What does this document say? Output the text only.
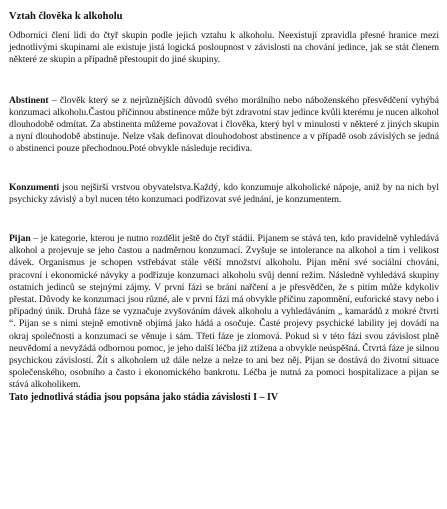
Vztah člověka k alkoholu

Odborníci člení lidi do čtyř skupin podle jejich vztahu k alkoholu. Neexistují zpravidla přesné hranice mezi jednotlivými skupinami ale existuje jistá logická posloupnost v závislosti na chování jedince, jak se stát členem některé ze skupin a případně přestoupit do jiné skupiny.

Abstinent – člověk který se z nejrůznějších důvodů svého morálního nebo náboženského přesvědčení vyhýbá konzumaci alkoholu.Častou příčinnou abstinence může být zdravotní stav jedince kvůli kterému je nucen alkohol dlouhodobě odmítat. Za abstinenta můžeme považovat i člověka, který byl v minulosti v některé z jiných skupin a nyní dlouhodobě abstinuje. Nelze však definovat dlouhodobost abstinence a v případě osob závislých se jedná o abstinenci pouze přechodnou.Poté obvykle následuje recidiva.

Konzumenti jsou nejširší vrstvou obyvatelstva.Každý, kdo konzumuje alkoholické nápoje, aniž by na nich byl psychicky závislý a byl nucen této konzumaci podřizovat své jednání, je konzumentem.

Pijan – je kategorie, kterou je nutno rozdělit ještě do čtyř stádií. Pijanem se stává ten, kdo pravidelně vyhledává alkohol a projevuje se jeho častou a nadměrnou konzumací. Zvyšuje se intolerance na alkohol a tím i velikost dávek. Organismus je schopen vstřebávat stále větší množství alkoholu. Pijan mění své sociální chování, pracovní i ekonomické návyky a podřizuje konzumaci alkoholu svůj denní režim. Následně vyhledává skupiny ostatních jedinců se stejnými zájmy. V první fázi se brání nařčení a je přesvědčen, že s pitím může kdykoliv přestat. Důvody ke konzumaci jsou různé, ale v první fázi má obvykle příčinu zapomnění, euforické stavy nebo i případný únik. Druhá fáze se vyznačuje zvyšováním dávek alkoholu a vyhledáváním „ kamarádů z mokré čtvrti “. Pijan se s nimi stejně emotivně objímá jako hádá a osočuje. Časté projevy psychické lability jej dovádí na okraj společnosti a konzumaci se věnuje i sám. Třetí fáze je zlomová. Pokud si v této fázi svou závislost plně neuvědomí a nevyžádá odbornou pomoc, je jeho další léčba již ztížena a obvykle neúspěšná. Čtvrtá fáze je silnou psychickou závislostí. Žít s alkoholem už dále nelze a nelze to ani bez něj. Pijan se dostává do životní situace společenského, osobního a často i ekonomického bankrotu. Léčba je nutná za pomoci hospitalizace a pijan se stává alkoholikem.

Tato jednotlivá stádia jsou popsána jako stádia závislosti I – IV
